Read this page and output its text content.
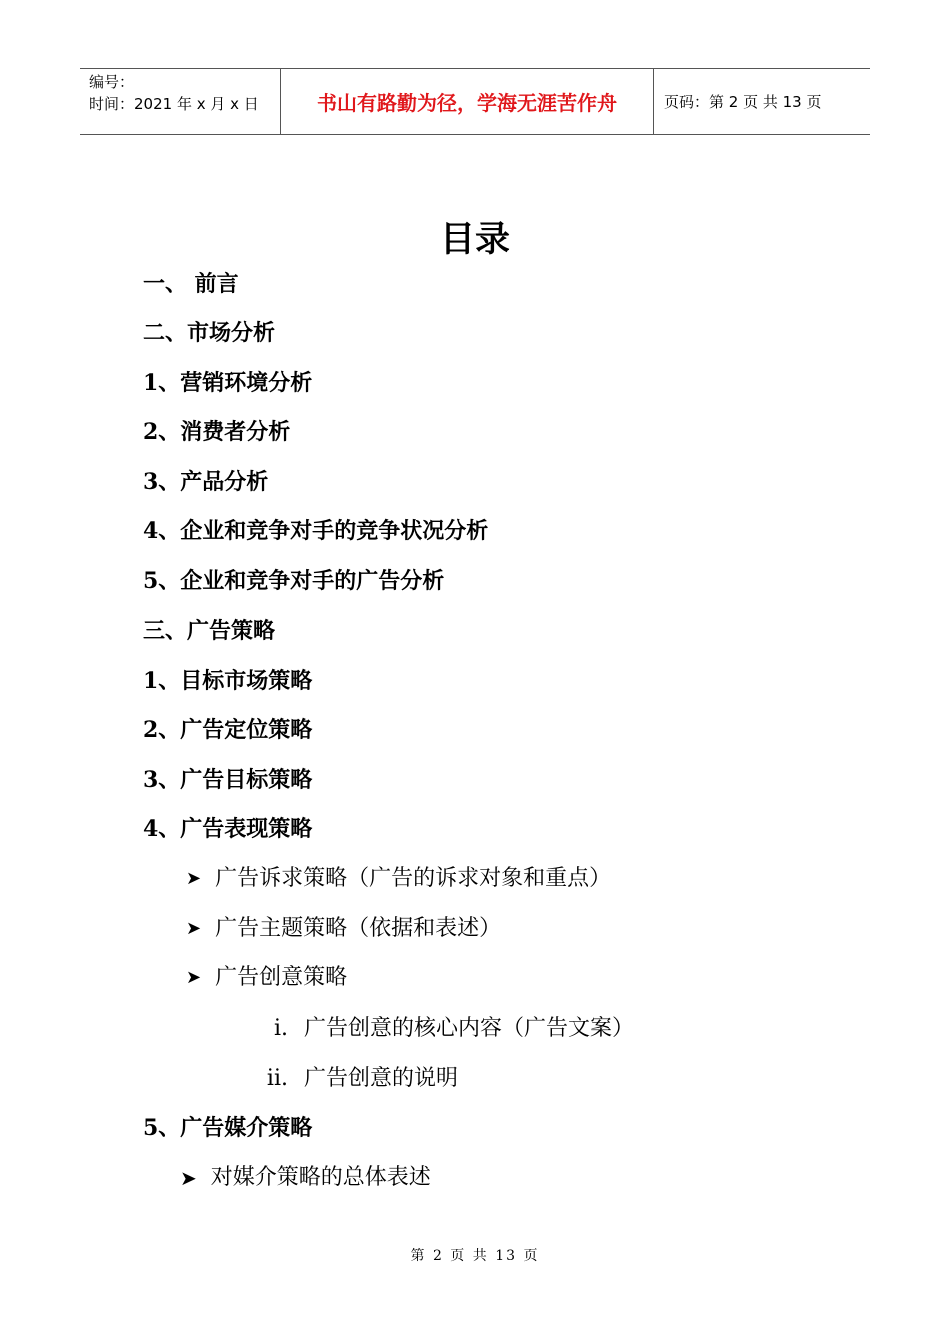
编号：
时间：2021 年 x 月 x 日	书山有路勤为径，学海无涯苦作舟	页码：第 2 页 共 13 页
目录
一、 前言
二、市场分析
1、营销环境分析
2、消费者分析
3、产品分析
4、企业和竞争对手的竞争状况分析
5、企业和竞争对手的广告分析
三、广告策略
1、目标市场策略
2、广告定位策略
3、广告目标策略
4、广告表现策略
➤ 广告诉求策略（广告的诉求对象和重点）
➤ 广告主题策略（依据和表述）
➤ 广告创意策略
i. 广告创意的核心内容（广告文案）
ii. 广告创意的说明
5、广告媒介策略
➤ 对媒介策略的总体表述
第 2 页 共 13 页
